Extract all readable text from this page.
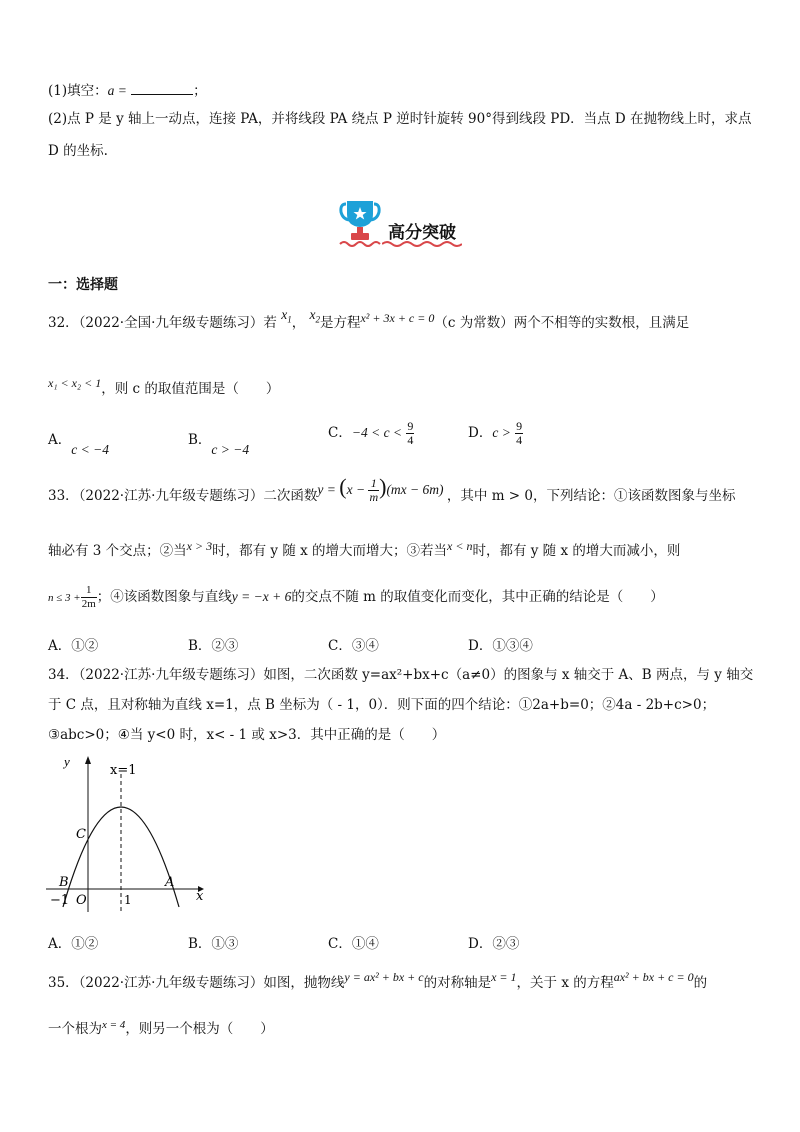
(1)填空：a =	；
(2)点 P 是 y 轴上一动点，连接 PA，并将线段 PA 绕点 P 逆时针旋转 90°得到线段 PD．当点 D 在抛物线上时，求点
D 的坐标.
高分突破
一：选择题
32．（2022·全国·九年级专题练习）若 $x_1$， $x_2$是方程x² + 3x + c = 0（c 为常数）两个不相等的实数根，且满足
x₁ < x₂ < 1，则 c 的取值范围是（　　）
A．c < −4
B．c > −4
C．$-4 < c < \frac{9}{4}$	D．$c > \frac{9}{4}$
33．（2022·江苏·九年级专题练习）二次函数$y = (x - \frac{1}{m} )(mx - 6m)$ ，其中 m > 0，下列结论：①该函数图象与坐标
轴必有 3 个交点；②当x > 3时，都有 y 随 x 的增大而增大；③若当x < n时，都有 y 随 x 的增大而减小，则
$n \le 3 + \frac{1}{2m}$ ；④该函数图象与直线y = −x + 6的交点不随 m 的取值变化而变化，其中正确的结论是（　　）
A．①②	B．②③	C．③④	D．①③④
34．（2022·江苏·九年级专题练习）如图，二次函数 y=ax²+bx+c（a≠0）的图象与 x 轴交于 A、B 两点，与 y 轴交
于 C 点，且对称轴为直线 x=1，点 B 坐标为（ - 1，0）．则下面的四个结论：①2a+b=0；②4a - 2b+c>0；
③abc>0；④当 y<0 时，x< - 1 或 x>3．其中正确的是（　　）
y
x=1
C
B	A
O
−1	1	x
A．①②	B．①③	C．①④	D．②③
35．（2022·江苏·九年级专题练习）如图，抛物线y = ax² + bx + c的对称轴是x = 1，关于 x 的方程ax² + bx + c = 0的
一个根为$^{x = 4}$，则另一个根为（　　）
